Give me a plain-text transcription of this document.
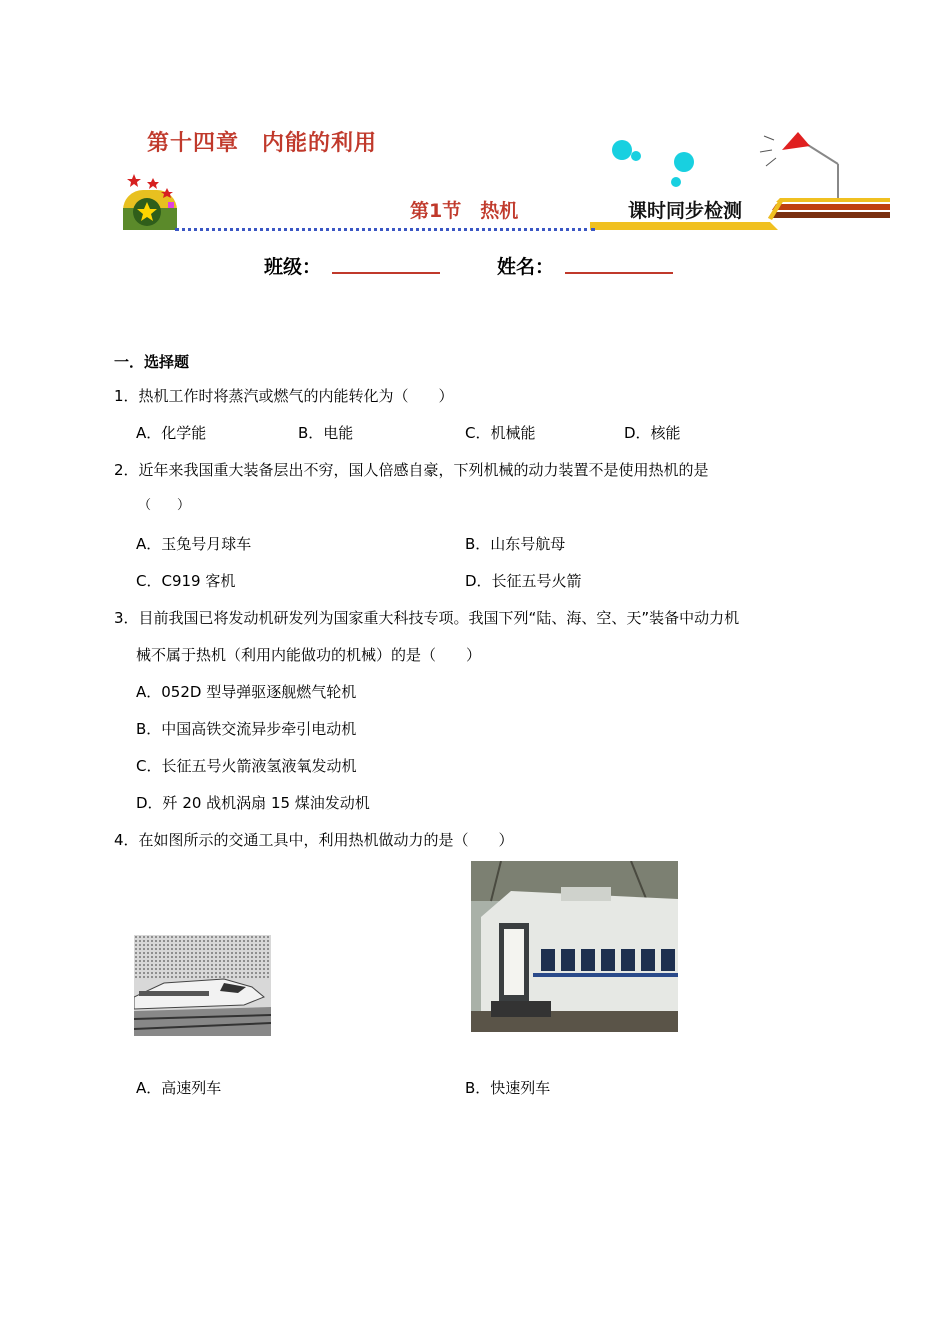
第十四章　内能的利用
第1节　热机	课时同步检测
班级：	姓名：
一．选择题
1．热机工作时将蒸汽或燃气的内能转化为（　　）
A．化学能	B．电能	C．机械能	D．核能
2．近年来我国重大装备层出不穷，国人倍感自豪，下列机械的动力装置不是使用热机的是
（　　）
A．玉兔号月球车	B．山东号航母
C．C919 客机	D．长征五号火箭
3．目前我国已将发动机研发列为国家重大科技专项。我国下列“陆、海、空、天”装备中动力机
械不属于热机（利用内能做功的机械）的是（　　）
A．052D 型导弹驱逐舰燃气轮机
B．中国高铁交流异步牵引电动机
C．长征五号火箭液氢液氧发动机
D．歼 20 战机涡扇 15 煤油发动机
4．在如图所示的交通工具中，利用热机做动力的是（　　）
A．高速列车	B．快速列车
